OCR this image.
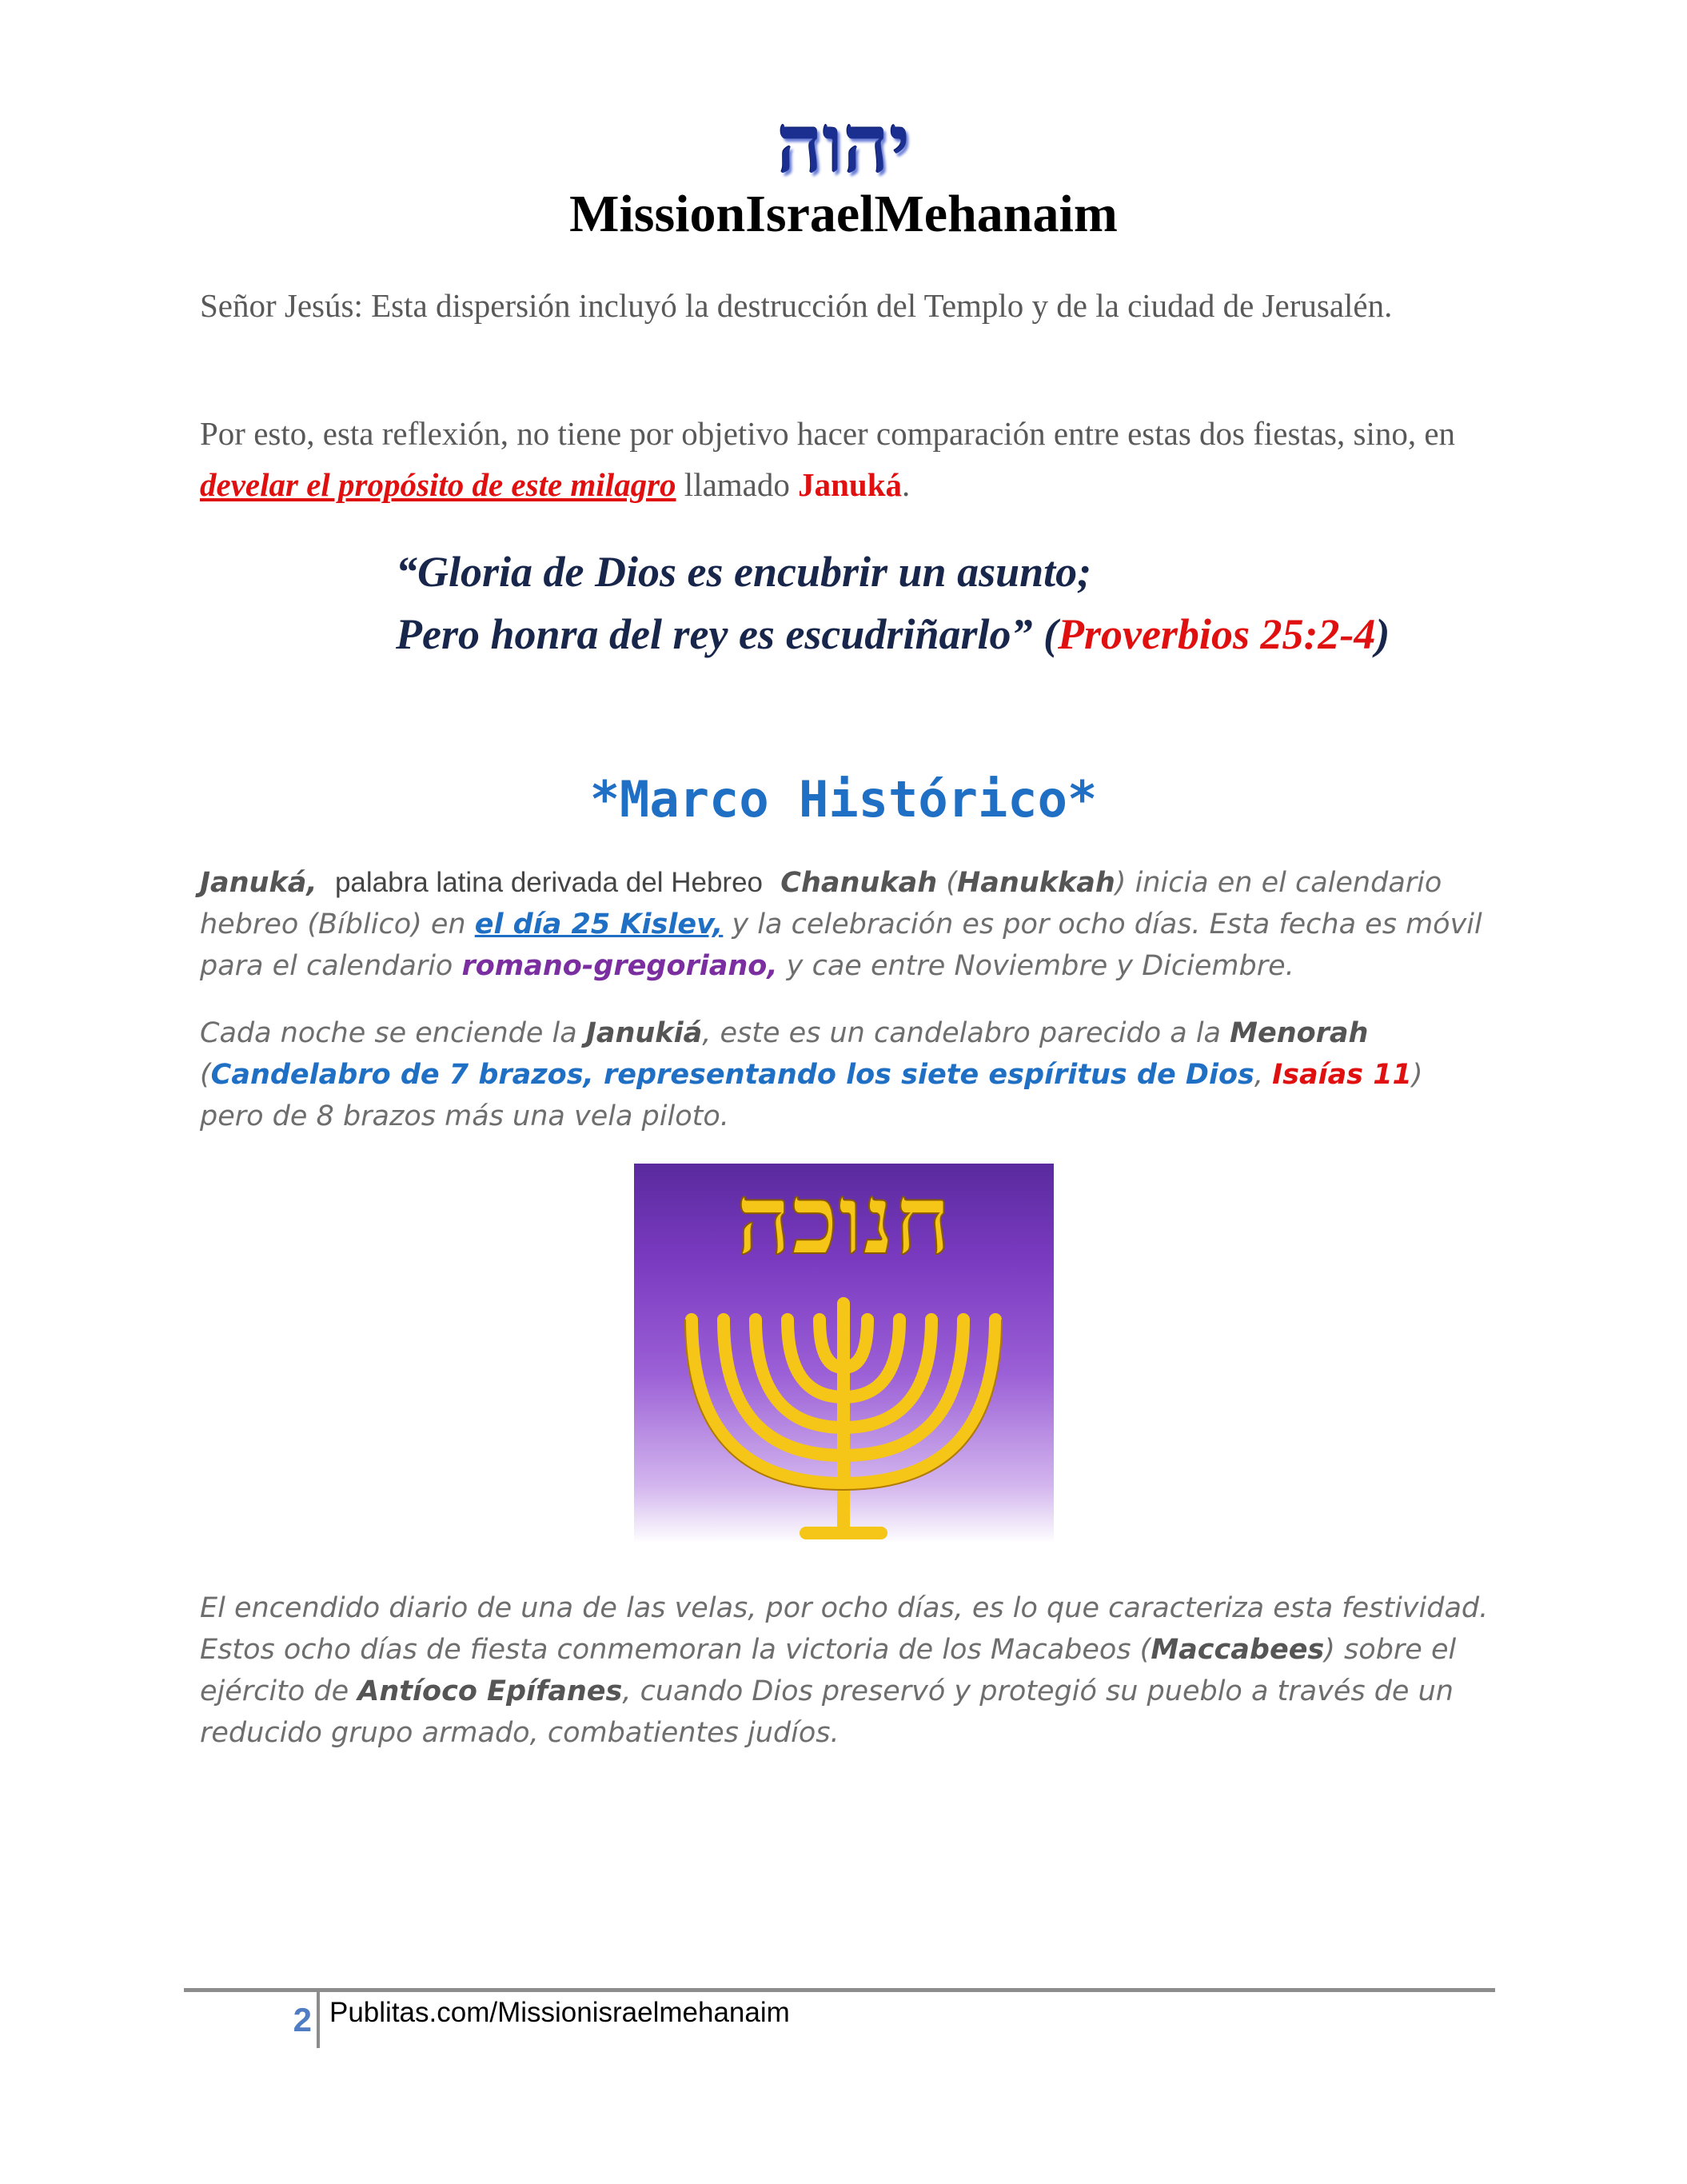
יהוה
MissionIsraelMehanaim
Señor Jesús: Esta dispersión incluyó la destrucción del Templo y de la ciudad de Jerusalén.
Por esto, esta reflexión, no tiene por objetivo hacer comparación entre estas dos fiestas, sino, en develar el propósito de este milagro llamado Januká.
“Gloria de Dios es encubrir un asunto;
Pero honra del rey es escudriñarlo” (Proverbios 25:2-4)
*Marco Histórico*
Januká, palabra latina derivada del Hebreo Chanukah (Hanukkah) inicia en el calendario hebreo (Bíblico) en el día 25 Kislev, y la celebración es por ocho días. Esta fecha es móvil para el calendario romano-gregoriano, y cae entre Noviembre y Diciembre.
Cada noche se enciende la Janukiá, este es un candelabro parecido a la Menorah
(Candelabro de 7 brazos, representando los siete espíritus de Dios, Isaías 11)
pero de 8 brazos más una vela piloto.
חנוכה
El encendido diario de una de las velas, por ocho días, es lo que caracteriza esta festividad. Estos ocho días de fiesta conmemoran la victoria de los Macabeos (Maccabees) sobre el ejército de Antíoco Epífanes, cuando Dios preservó y protegió su pueblo a través de un reducido grupo armado, combatientes judíos.
2 Publitas.com/Missionisraelmehanaim
